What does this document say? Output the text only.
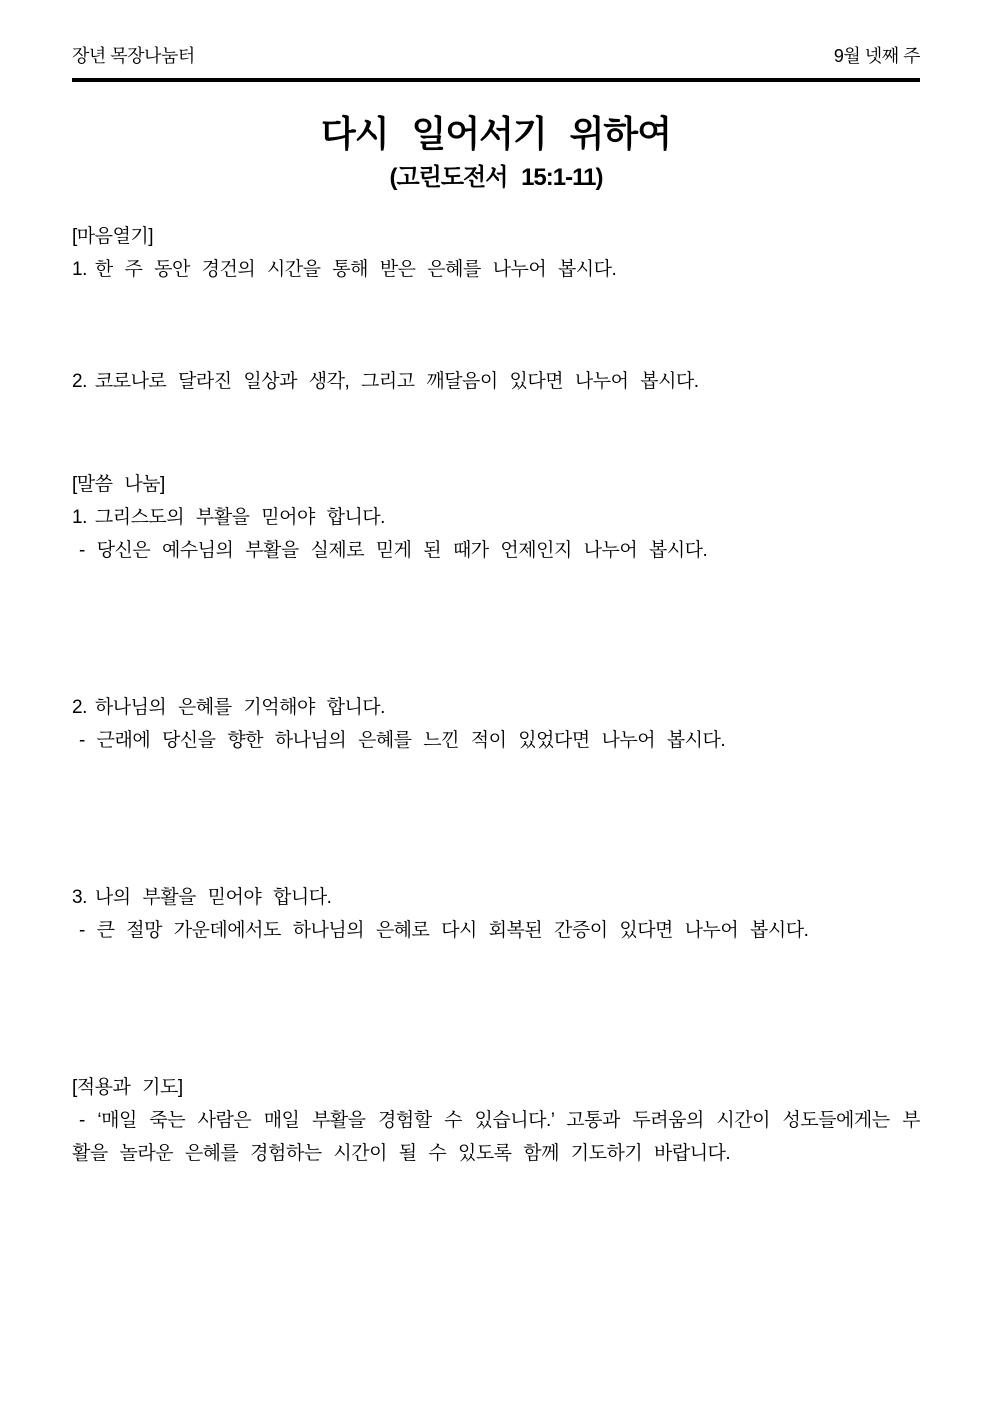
장년 목장나눔터	9월 넷째 주
다시 일어서기 위하여
(고린도전서 15:1-11)
[마음열기]

1. 한 주 동안 경건의 시간을 통해 받은 은혜를 나누어 봅시다.

2. 코로나로 달라진 일상과 생각, 그리고 깨달음이 있다면 나누어 봅시다.

[말씀 나눔]

1. 그리스도의 부활을 믿어야 합니다.

- 당신은 예수님의 부활을 실제로 믿게 된 때가 언제인지 나누어 봅시다.

2. 하나님의 은혜를 기억해야 합니다.

- 근래에 당신을 향한 하나님의 은혜를 느낀 적이 있었다면 나누어 봅시다.

3. 나의 부활을 믿어야 합니다.

- 큰 절망 가운데에서도 하나님의 은혜로 다시 회복된 간증이 있다면 나누어 봅시다.

[적용과 기도]

- ‘매일 죽는 사람은 매일 부활을 경험할 수 있습니다.’ 고통과 두려움의 시간이 성도들에게는 부활을 놀라운 은혜를 경험하는 시간이 될 수 있도록 함께 기도하기 바랍니다.
